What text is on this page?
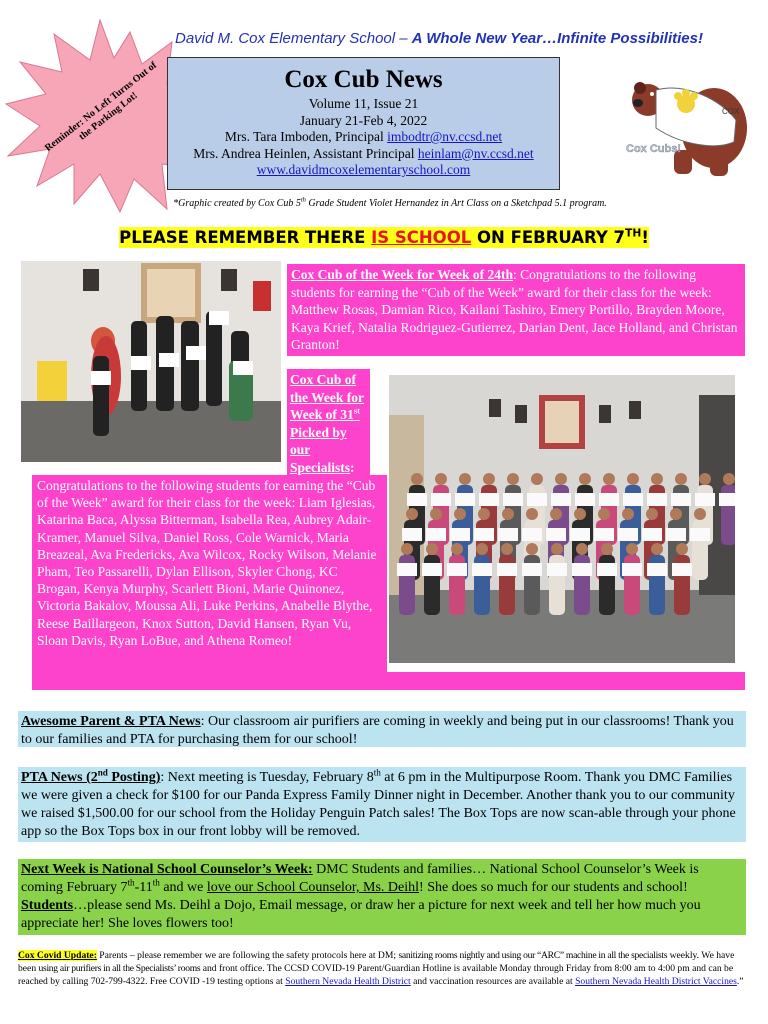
David M. Cox Elementary School – A Whole New Year…Infinite Possibilities!
Reminder: No Left Turns Out of the Parking Lot!
Cox Cub News
Volume 11, Issue 21
January 21-Feb 4, 2022
Mrs. Tara Imboden, Principal imbodtr@nv.ccsd.net
Mrs. Andrea Heinlen, Assistant Principal heinlam@nv.ccsd.net
www.davidmcoxelementaryschool.com
COX
Cox Cubs!
*Graphic created by Cox Cub 5th Grade Student Violet Hernandez in Art Class on a Sketchpad 5.1 program.
PLEASE REMEMBER THERE IS SCHOOL ON FEBRUARY 7TH!
Cox Cub of the Week for Week of 24th: Congratulations to the following students for earning the “Cub of the Week” award for their class for the week: Matthew Rosas, Damian Rico, Kailani Tashiro, Emery Portillo, Brayden Moore, Kaya Krief, Natalia Rodriguez-Gutierrez, Darian Dent, Jace Holland, and Christan Granton!
Cox Cub of the Week for Week of 31st Picked by our Specialists:
Congratulations to the following students for earning the “Cub of the Week” award for their class for the week: Liam Iglesias, Katarina Baca, Alyssa Bitterman, Isabella Rea, Aubrey Adair-Kramer, Manuel Silva, Daniel Ross, Cole Warnick, Maria Breazeal, Ava Fredericks, Ava Wilcox, Rocky Wilson, Melanie Pham, Teo Passarelli, Dylan Ellison, Skyler Chong, KC Brogan, Kenya Murphy, Scarlett Bioni, Marie Quinonez, Victoria Bakalov, Moussa Ali, Luke Perkins, Anabelle Blythe, Reese Baillargeon, Knox Sutton, David Hansen, Ryan Vu, Sloan Davis, Ryan LoBue, and Athena Romeo!
Awesome Parent & PTA News: Our classroom air purifiers are coming in weekly and being put in our classrooms! Thank you to our families and PTA for purchasing them for our school!
PTA News (2nd Posting): Next meeting is Tuesday, February 8th at 6 pm in the Multipurpose Room. Thank you DMC Families we were given a check for $100 for our Panda Express Family Dinner night in December. Another thank you to our community we raised $1,500.00 for our school from the Holiday Penguin Patch sales! The Box Tops are now scan-able through your phone app so the Box Tops box in our front lobby will be removed.
Next Week is National School Counselor’s Week: DMC Students and families… National School Counselor’s Week is coming February 7th-11th and we love our School Counselor, Ms. Deihl! She does so much for our students and school! Students…please send Ms. Deihl a Dojo, Email message, or draw her a picture for next week and tell her how much you appreciate her! She loves flowers too!
Cox Covid Update: Parents – please remember we are following the safety protocols here at DM; sanitizing rooms nightly and using our “ARC” machine in all the specialists weekly. We have been using air purifiers in all the Specialists’ rooms and front office. The CCSD COVID-19 Parent/Guardian Hotline is available Monday through Friday from 8:00 am to 4:00 pm and can be reached by calling 702-799-4322. Free COVID -19 testing options at Southern Nevada Health District and vaccination resources are available at Southern Nevada Health District Vaccines.”
